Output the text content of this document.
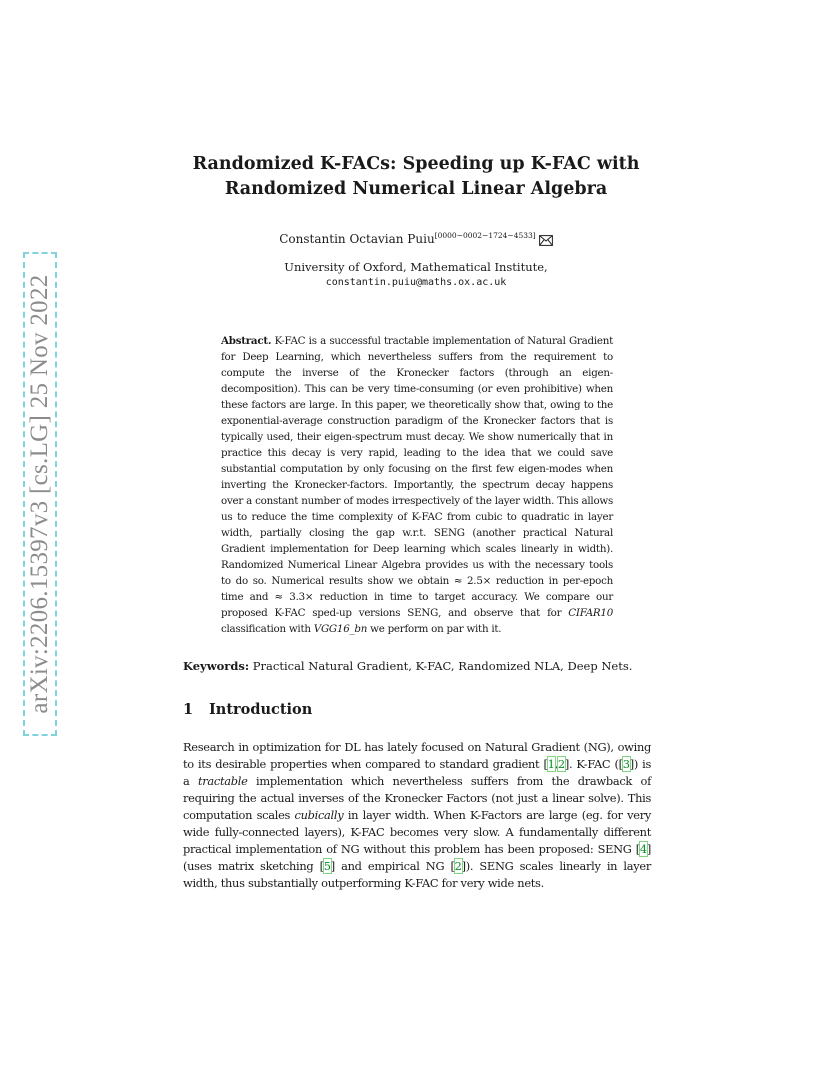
arXiv:2206.15397v3 [cs.LG] 25 Nov 2022
Randomized K-FACs: Speeding up K-FAC with
Randomized Numerical Linear Algebra
Constantin Octavian Puiu[0000−0002−1724−4533]
University of Oxford, Mathematical Institute,
constantin.puiu@maths.ox.ac.uk
Abstract. K-FAC is a successful tractable implementation of Natural Gradient for Deep Learning, which nevertheless suffers from the requirement to compute the inverse of the Kronecker factors (through an eigen-decomposition). This can be very time-consuming (or even prohibitive) when these factors are large. In this paper, we theoretically show that, owing to the exponential-average construction paradigm of the Kronecker factors that is typically used, their eigen-spectrum must decay. We show numerically that in practice this decay is very rapid, leading to the idea that we could save substantial computation by only focusing on the first few eigen-modes when inverting the Kronecker-factors. Importantly, the spectrum decay happens over a constant number of modes irrespectively of the layer width. This allows us to reduce the time complexity of K-FAC from cubic to quadratic in layer width, partially closing the gap w.r.t. SENG (another practical Natural Gradient implementation for Deep learning which scales linearly in width). Randomized Numerical Linear Algebra provides us with the necessary tools to do so. Numerical results show we obtain ≈ 2.5× reduction in per-epoch time and ≈ 3.3× reduction in time to target accuracy. We compare our proposed K-FAC sped-up versions SENG, and observe that for CIFAR10 classification with VGG16_bn we perform on par with it.
Keywords: Practical Natural Gradient, K-FAC, Randomized NLA, Deep Nets.
1 Introduction
Research in optimization for DL has lately focused on Natural Gradient (NG), owing to its desirable properties when compared to standard gradient [1,2]. K-FAC ([3]) is a tractable implementation which nevertheless suffers from the drawback of requiring the actual inverses of the Kronecker Factors (not just a linear solve). This computation scales cubically in layer width. When K-Factors are large (eg. for very wide fully-connected layers), K-FAC becomes very slow. A fundamentally different practical implementation of NG without this problem has been proposed: SENG [4] (uses matrix sketching [5] and empirical NG [2]). SENG scales linearly in layer width, thus substantially outperforming K-FAC for very wide nets.
